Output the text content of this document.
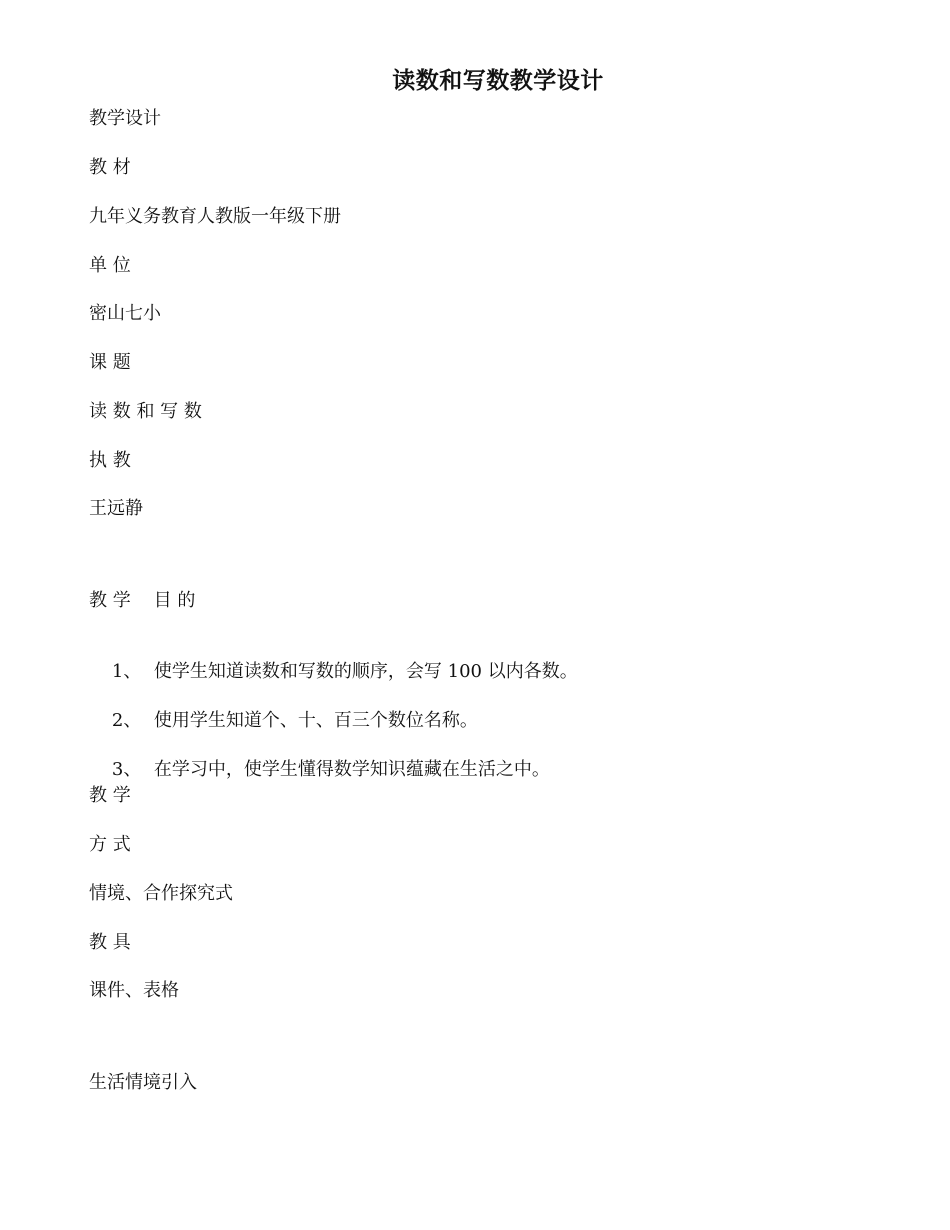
读数和写数教学设计
教学设计
教 材
九年义务教育人教版一年级下册
单 位
密山七小
课 题
读 数 和 写 数
执 教
王远静
教 学    目 的

1、 使学生知道读数和写数的顺序，会写 100 以内各数。

2、 使用学生知道个、十、百三个数位名称。

3、 在学习中，使学生懂得数学知识蕴藏在生活之中。

教 学
方 式
情境、合作探究式
教 具
课件、表格
生活情境引入
